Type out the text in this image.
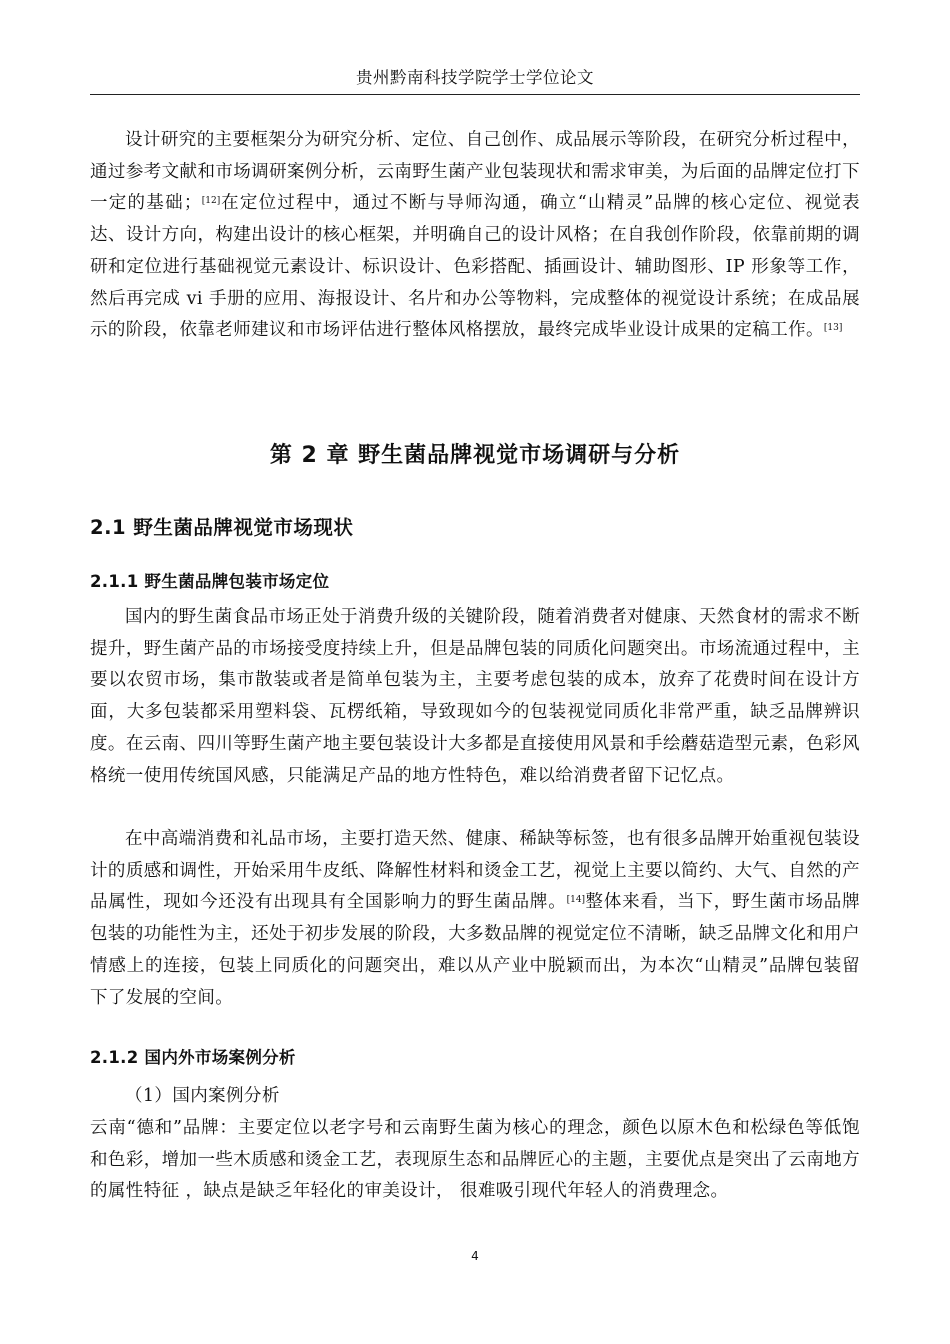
贵州黔南科技学院学士学位论文

设计研究的主要框架分为研究分析、定位、自己创作、成品展示等阶段，在研究分析过程中，通过参考文献和市场调研案例分析，云南野生菌产业包装现状和需求审美，为后面的品牌定位打下一定的基础；[12]在定位过程中，通过不断与导师沟通，确立“山精灵”品牌的核心定位、视觉表达、设计方向，构建出设计的核心框架，并明确自己的设计风格；在自我创作阶段，依靠前期的调研和定位进行基础视觉元素设计、标识设计、色彩搭配、插画设计、辅助图形、IP 形象等工作，然后再完成 vi 手册的应用、海报设计、名片和办公等物料，完成整体的视觉设计系统；在成品展示的阶段，依靠老师建议和市场评估进行整体风格摆放，最终完成毕业设计成果的定稿工作。[13]

第 2 章 野生菌品牌视觉市场调研与分析
2.1 野生菌品牌视觉市场现状
2.1.1 野生菌品牌包装市场定位

国内的野生菌食品市场正处于消费升级的关键阶段，随着消费者对健康、天然食材的需求不断提升，野生菌产品的市场接受度持续上升，但是品牌包装的同质化问题突出。市场流通过程中，主要以农贸市场，集市散装或者是简单包装为主，主要考虑包装的成本，放弃了花费时间在设计方面，大多包装都采用塑料袋、瓦楞纸箱，导致现如今的包装视觉同质化非常严重，缺乏品牌辨识度。在云南、四川等野生菌产地主要包装设计大多都是直接使用风景和手绘蘑菇造型元素，色彩风格统一使用传统国风感，只能满足产品的地方性特色，难以给消费者留下记忆点。

在中高端消费和礼品市场，主要打造天然、健康、稀缺等标签，也有很多品牌开始重视包装设计的质感和调性，开始采用牛皮纸、降解性材料和烫金工艺，视觉上主要以简约、大气、自然的产品属性，现如今还没有出现具有全国影响力的野生菌品牌。[14]整体来看，当下，野生菌市场品牌包装的功能性为主，还处于初步发展的阶段，大多数品牌的视觉定位不清晰，缺乏品牌文化和用户情感上的连接，包装上同质化的问题突出，难以从产业中脱颖而出，为本次“山精灵”品牌包装留下了发展的空间。

2.1.2 国内外市场案例分析

（1）国内案例分析

云南“德和”品牌：主要定位以老字号和云南野生菌为核心的理念，颜色以原木色和松绿色等低饱和色彩，增加一些木质感和烫金工艺，表现原生态和品牌匠心的主题，主要优点是突出了云南地方的属性特征 ，缺点是缺乏年轻化的审美设计， 很难吸引现代年轻人的消费理念。

4
